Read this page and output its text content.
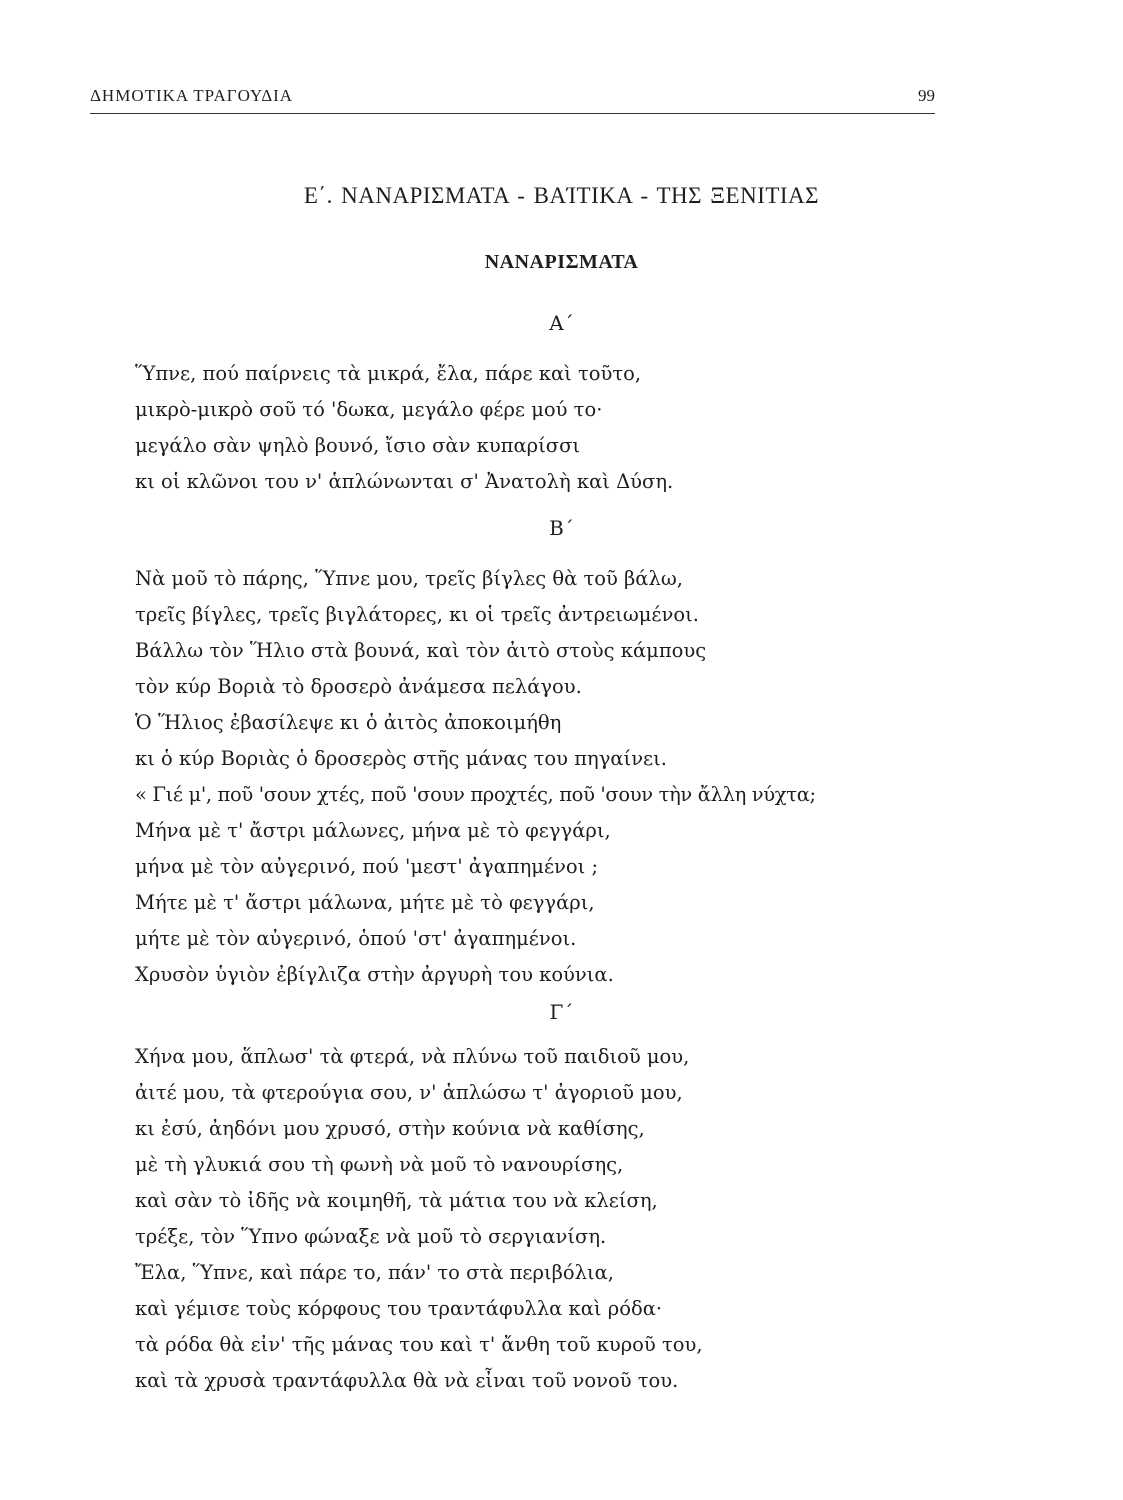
ΔΗΜΟΤΙΚΑ ΤΡΑΓΟΥΔΙΑ	99
Ε΄. ΝΑΝΑΡΙΣΜΑΤΑ - ΒΑΊΤΙΚΑ - ΤΗΣ ΞΕΝΙΤΙΑΣ
ΝΑΝΑΡΙΣΜΑΤΑ
Α΄
Ὕπνε, πού παίρνεις τὰ μικρά, ἔλα, πάρε καὶ τοῦτο,
μικρὸ-μικρὸ σοῦ τό 'δωκα, μεγάλο φέρε μού το·
μεγάλο σὰν ψηλὸ βουνό, ἴσιο σὰν κυπαρίσσι
κι οἱ κλῶνοι του ν' ἁπλώνωνται σ' Ἀνατολὴ καὶ Δύση.
Β΄
Νὰ μοῦ τὸ πάρης, Ὕπνε μου, τρεῖς βίγλες θὰ τοῦ βάλω,
τρεῖς βίγλες, τρεῖς βιγλάτορες, κι οἱ τρεῖς ἀντρειωμένοι.
Βάλλω τὸν Ἥλιο στὰ βουνά, καὶ τὸν ἀιτὸ στοὺς κάμπους
τὸν κύρ Βοριὰ τὸ δροσερὸ ἀνάμεσα πελάγου.
Ὁ Ἥλιος ἐβασίλεψε κι ὁ ἀιτὸς ἀποκοιμήθη
κι ὁ κύρ Βοριὰς ὁ δροσερὸς στῆς μάνας του πηγαίνει.
« Γιέ μ', ποῦ 'σουν χτές, ποῦ 'σουν προχτές, ποῦ 'σουν τὴν ἄλλη νύχτα;
Μήνα μὲ τ' ἄστρι μάλωνες, μήνα μὲ τὸ φεγγάρι,
μήνα μὲ τὸν αὐγερινό, πού 'μεστ' ἀγαπημένοι ;
Μήτε μὲ τ' ἄστρι μάλωνα, μήτε μὲ τὸ φεγγάρι,
μήτε μὲ τὸν αὐγερινό, ὁπού 'στ' ἀγαπημένοι.
Χρυσὸν ὑγιὸν ἐβίγλιζα στὴν ἀργυρὴ του κούνια.
Γ΄
Χήνα μου, ἅπλωσ' τὰ φτερά, νὰ πλύνω τοῦ παιδιοῦ μου,
ἀιτέ μου, τὰ φτερούγια σου, ν' ἁπλώσω τ' ἀγοριοῦ μου,
κι ἐσύ, ἀηδόνι μου χρυσό, στὴν κούνια νὰ καθίσης,
μὲ τὴ γλυκιά σου τὴ φωνὴ νὰ μοῦ τὸ νανουρίσης,
καὶ σὰν τὸ ἰδῆς νὰ κοιμηθῆ, τὰ μάτια του νὰ κλείση,
τρέξε, τὸν Ὕπνο φώναξε νὰ μοῦ τὸ σεργιανίση.
Ἔλα, Ὕπνε, καὶ πάρε το, πάν' το στὰ περιβόλια,
καὶ γέμισε τοὺς κόρφους του τραντάφυλλα καὶ ρόδα·
τὰ ρόδα θὰ εἰν' τῆς μάνας του καὶ τ' ἄνθη τοῦ κυροῦ του,
καὶ τὰ χρυσὰ τραντάφυλλα θὰ νὰ εἶναι τοῦ νονοῦ του.
